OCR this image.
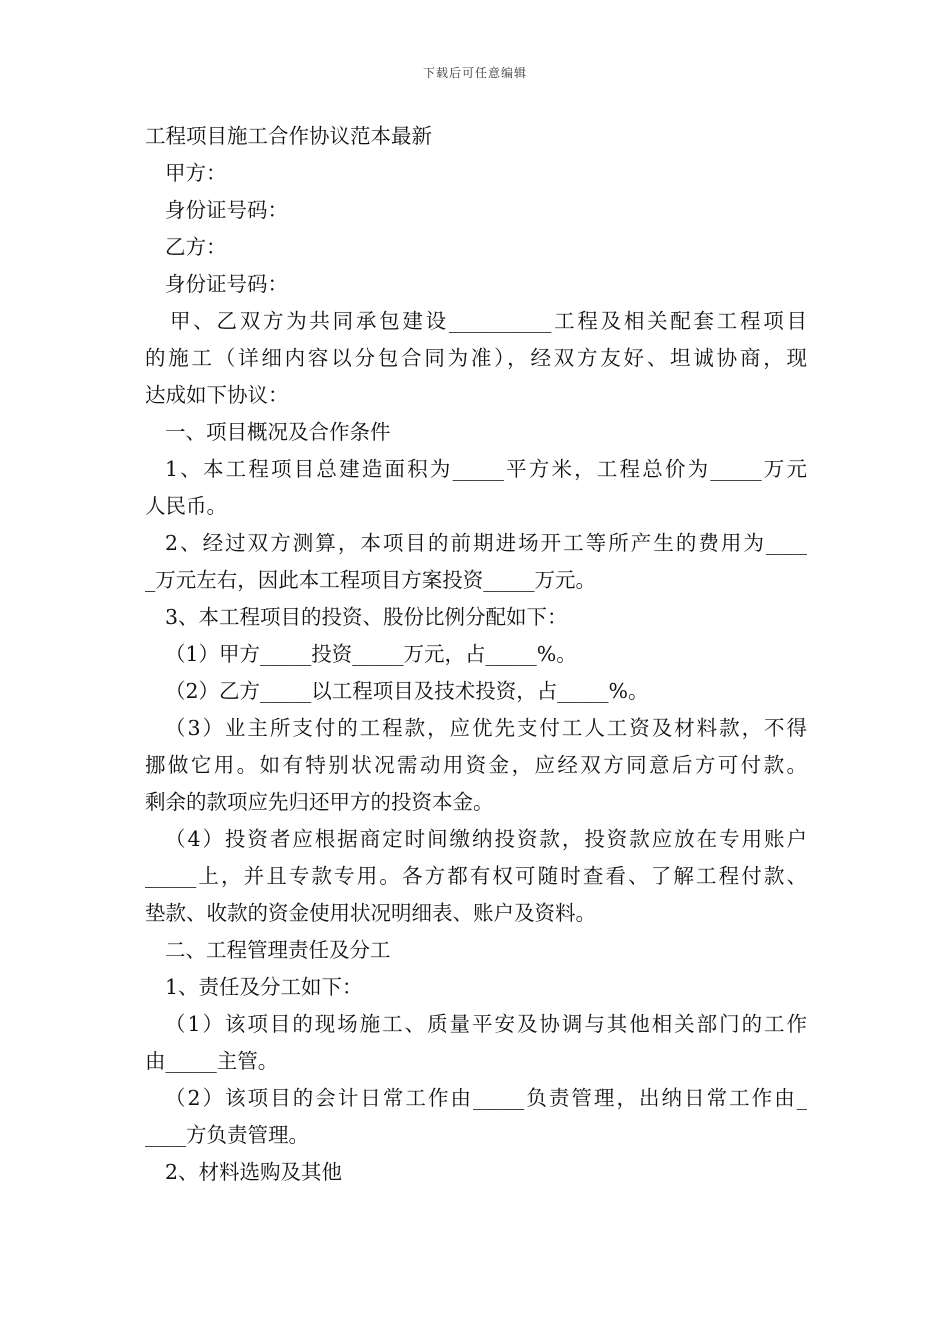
下载后可任意编辑
工程项目施工合作协议范本最新
甲方：
身份证号码：
乙方：
身份证号码：
甲、乙双方为共同承包建设__________工程及相关配套工程项目
的施工（详细内容以分包合同为准），经双方友好、坦诚协商，现
达成如下协议：
一、项目概况及合作条件
1、本工程项目总建造面积为_____平方米，工程总价为_____万元
人民币。
2、经过双方测算，本项目的前期进场开工等所产生的费用为____
_万元左右，因此本工程项目方案投资_____万元。
3、本工程项目的投资、股份比例分配如下：
（1）甲方_____投资_____万元，占_____%。
（2）乙方_____以工程项目及技术投资，占_____%。
（3）业主所支付的工程款，应优先支付工人工资及材料款，不得
挪做它用。如有特别状况需动用资金，应经双方同意后方可付款。
剩余的款项应先归还甲方的投资本金。
（4）投资者应根据商定时间缴纳投资款，投资款应放在专用账户
_____上，并且专款专用。各方都有权可随时查看、了解工程付款、
垫款、收款的资金使用状况明细表、账户及资料。
二、工程管理责任及分工
1、责任及分工如下：
（1）该项目的现场施工、质量平安及协调与其他相关部门的工作
由_____主管。
（2）该项目的会计日常工作由_____负责管理，出纳日常工作由_
____方负责管理。
2、材料选购及其他
